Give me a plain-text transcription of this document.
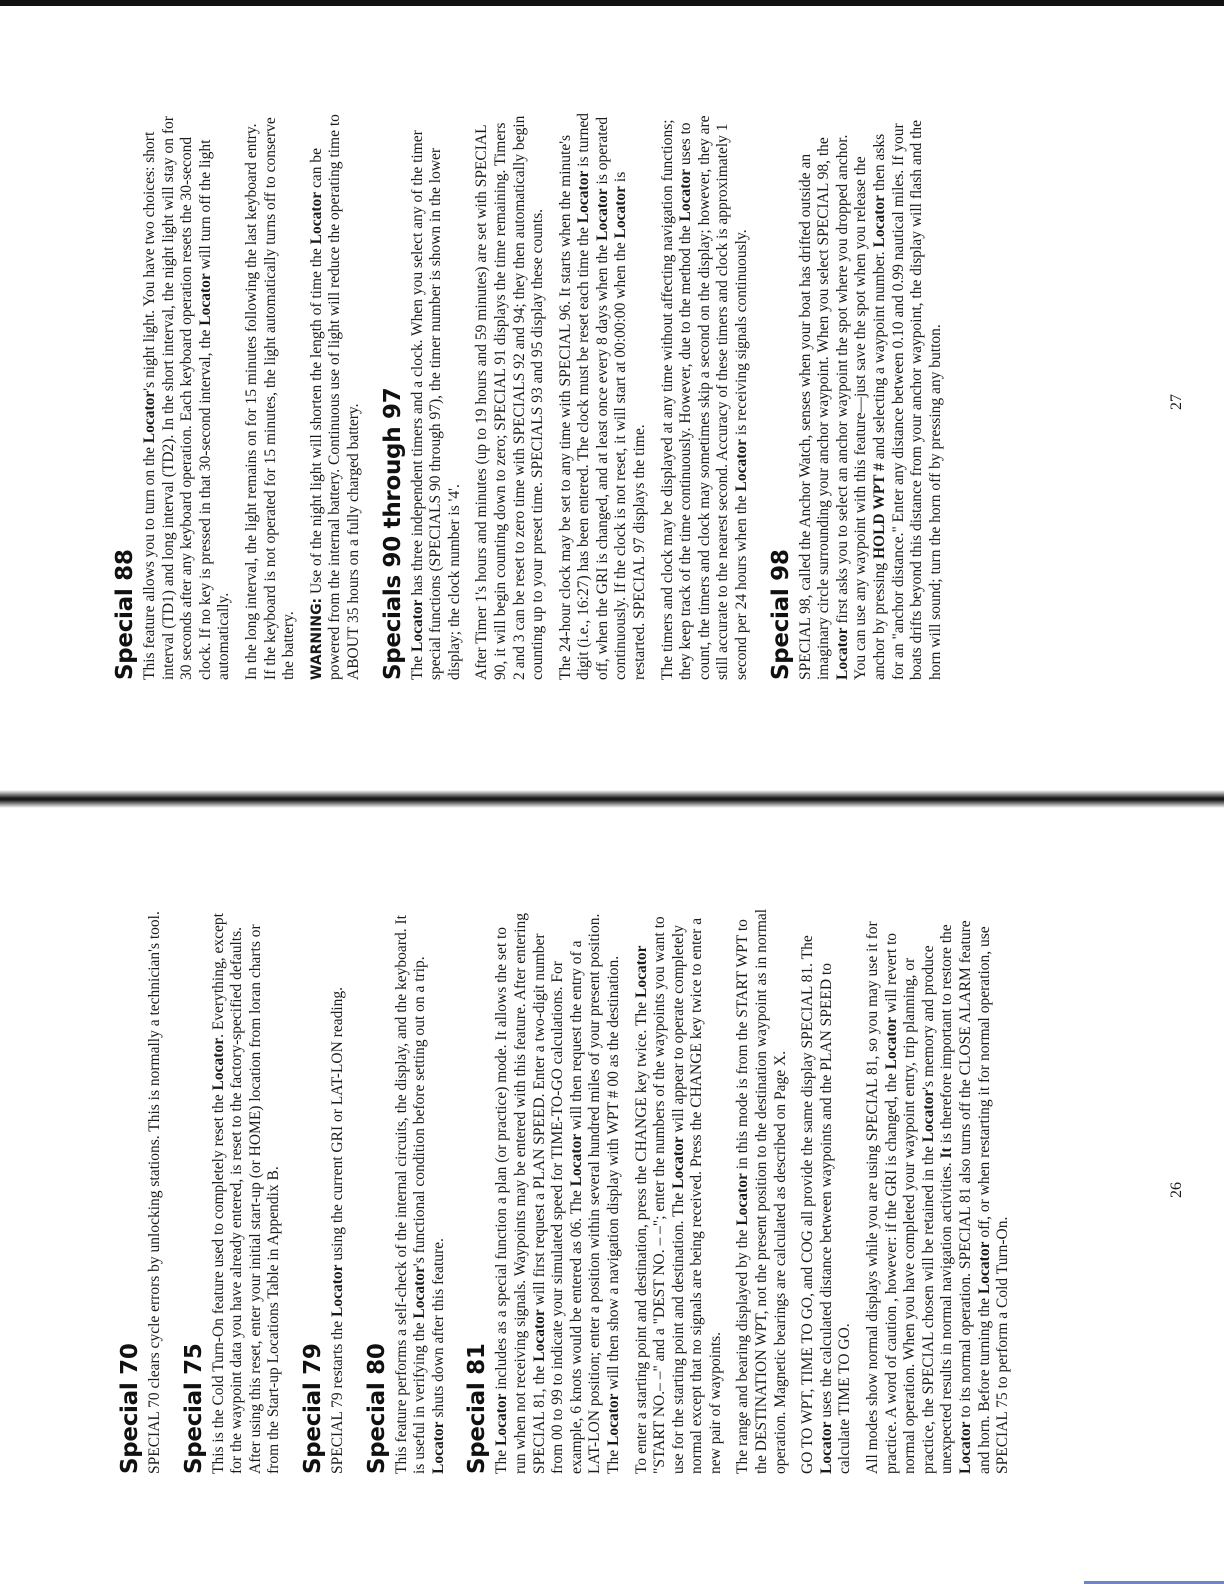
Special 70 SPECIAL 70 clears cycle errors by unlocking stations. This is normally a technician's tool. Special 75 This is the Cold Turn-On feature used to completely reset the Locator. Everything, except for the waypoint data you have already entered, is reset to the factory-specified defaults. After using this reset, enter your initial start-up (or HOME) location from loran charts or from the Start-up Locations Table in Appendix B. Special 79 SPECIAL 79 restarts the Locator using the current GRI or LAT-LON reading.

Special 80 This feature performs a self-check of the internal circuits, the display, and the keyboard. It is useful in verifying the Locator's functional condition before setting out on a trip. Locator shuts down after this feature. Special 81 The Locator includes as a special function a plan (or practice) mode. It allows the set to run when not receiving signals. Waypoints may be entered with this feature. After entering SPECIAL 81, the Locator will first request a PLAN SPEED. Enter a two-digit number from 00 to 99 to indicate your simulated speed for TIME-TO-GO calculations. For example, 6 knots would be entered as 06. The Locator will then request the entry of a LAT-LON position; enter a position within several hundred miles of your present position. The Locator will then show a navigation display with WPT # 00 as the destination. To enter a starting point and destination, press the CHANGE key twice. The Locator "START NO.– –" and a "DEST NO. – –"; enter the numbers of the waypoints you want to use for the starting point and destination. The Locator will appear to operate completely normal except that no signals are being received. Press the CHANGE key twice to enter a new pair of waypoints. The range and bearing displayed by the Locator in this mode is from the START WPT to the DESTINATION WPT, not the present position to the destination waypoint as in normal operation. Magnetic bearings are calculated as described on Page X. GO TO WPT, TIME TO GO, and COG all provide the same display SPECIAL 81. The Locator uses the calculated distance between waypoints and the PLAN SPEED to calculate TIME TO GO. All modes show normal displays while you are using SPECIAL 81, so you may use it for practice. A word of caution , however: if the GRI is changed, the Locator will revert to normal operation. When you have completed your waypoint entry, trip planning, or practice, the SPECIAL chosen will be retained in the Locator's memory and produce unexpected results in normal navigation activities. It is therefore important to restore the Locator to its normal operation. SPECIAL 81 also turns off the CLOSE ALARM feature and horn. Before turning the Locator off, or when restarting it for normal operation, use SPECIAL 75 to perform a Cold Turn-On.

26
Special 88 This feature allows you to turn on the Locator's night light. You have two choices: short interval (TD1) and long interval (TD2). In the short interval, the night light will stay on for 30 seconds after any keyboard operation. Each keyboard operation resets the 30-second clock. If no key is pressed in that 30-second interval, the Locator will turn off the light automatically. In the long interval, the light remains on for 15 minutes following the last keyboard entry. If the keyboard is not operated for 15 minutes, the light automatically turns off to conserve the battery. WARNING: Use of the night light will shorten the length of time the Locator can be powered from the internal battery. Continuous use of light will reduce the operating time to ABOUT 35 hours on a fully charged battery. Specials 90 through 97 The Locator has three independent timers and a clock. When you select any of the timer special functions (SPECIALS 90 through 97), the timer number is shown in the lower display; the clock number is '4'. After Timer 1's hours and minutes (up to 19 hours and 59 minutes) are set with SPECIAL 90, it will begin counting down to zero; SPECIAL 91 displays the time remaining. Timers 2 and 3 can be reset to zero time with SPECIALS 92 and 94; they then automatically begin counting up to your preset time. SPECIALS 93 and 95 display these counts. The 24-hour clock may be set to any time with SPECIAL 96. It starts when the minute's digit (i.e., 16:27) has been entered. The clock must be reset each time the Locator is turned off, when the GRI is changed, and at least once every 8 days when the Locator is operated continuously. If the clock is not reset, it will start at 00:00:00 when the Locator is restarted. SPECIAL 97 displays the time. The timers and clock may be displayed at any time without affecting navigation functions; they keep track of the time continuously. However, due to the method the Locator uses to count, the timers and clock may sometimes skip a second on the display; however, they are still accurate to the nearest second. Accuracy of these timers and clock is approximately 1 second per 24 hours when the Locator is receiving signals continuously.

Special 98 SPECIAL 98, called the Anchor Watch, senses when your boat has drifted outside an imaginary circle surrounding your anchor waypoint. When you select SPECIAL 98, the Locator first asks you to select an anchor waypoint the spot where you dropped anchor. You can use any waypoint with this feature—just save the spot when you release the anchor by pressing HOLD WPT # and selecting a waypoint number. Locator then asks for an "anchor distance." Enter any distance between 0.10 and 0.99 nautical miles. If your boats drifts beyond this distance from your anchor waypoint, the display will flash and the horn will sound; turn the horn off by pressing any button.	27
